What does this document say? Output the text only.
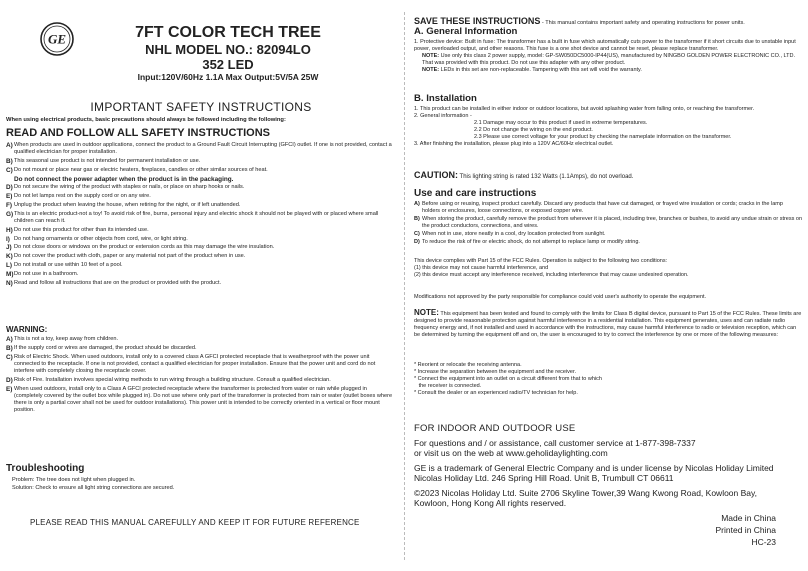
GE	7FT COLOR TECH TREE
NHL MODEL NO.: 82094LO
352 LED
Input:120V/60Hz 1.1A Max Output:5V/5A 25W
IMPORTANT SAFETY INSTRUCTIONS
When using electrical products, basic precautions should always be followed including the following:
READ AND FOLLOW ALL SAFETY INSTRUCTIONS
A) When products are used in outdoor applications, connect the product to a Ground Fault Circuit Interrupting (GFCI) outlet. If one is not provided, contact a qualified electrician for proper installation.
B) This seasonal use product is not intended for permanent installation or use.
C) Do not mount or place near gas or electric heaters, fireplaces, candles or other similar sources of heat.
Do not connect the power adapter when the product is in the packaging.
D) Do not secure the wiring of the product with staples or nails, or place on sharp hooks or nails.
E) Do not let lamps rest on the supply cord or on any wire.
F) Unplug the product when leaving the house, when retiring for the night, or if left unattended.
G) This is an electric product-not a toy! To avoid risk of fire, burns, personal injury and electric shock it should not be played with or placed where small children can reach it.
H) Do not use this product for other than its intended use.
I) Do not hang ornaments or other objects from cord, wire, or light string.
J) Do not close doors or windows on the product or extension cords as this may damage the wire insulation.
K) Do not cover the product with cloth, paper or any material not part of the product when in use.
L) Do not install or use within 10 feet of a pool.
M) Do not use in a bathroom.
N) Read and follow all instructions that are on the product or provided with the product.
WARNING:
A) This is not a toy, keep away from children.
B) If the supply cord or wires are damaged, the product should be discarded.
C) Risk of Electric Shock. When used outdoors, install only to a covered class A GFCI protected receptacle that is weatherproof with the power unit connected to the receptacle. If one is not provided, contact a qualified electrician for proper installation. Ensure that the power unit and cord do not interfere with completely closing the receptacle cover.
D) Risk of Fire. Installation involves special wiring methods to run wiring through a building structure. Consult a qualified electrician.
E) When used outdoors, install only to a Class A GFCI protected receptacle where the transformer is protected from water or rain while plugged in (completely covered by the outlet box while plugged in). Do not use where only part of the transformer is protected from rain or water (outlet boxes where there is only a partial cover shall not be used for outdoor installations). This power unit is intended to be correctly oriented in a vertical or floor mount position.
Troubleshooting
Problem: The tree does not light when plugged in.
Solution: Check to ensure all light string connections are secured.
PLEASE READ THIS MANUAL CAREFULLY AND KEEP IT FOR FUTURE REFERENCE
SAVE THESE INSTRUCTIONS - This manual contains important safety and operating instructions for power units.
A. General Information
1. Protective device: Built in fuse: The transformer has a built in fuse which automatically cuts power to the transformer if it short circuits due to unstable input power, overloaded output, and other reasons. This fuse is a one shot device and cannot be reset, please replace transformer.
NOTE: Use only this class 2 power supply, model: GP-SW050DC5000-IP44(US), manufactured by NINGBO GOLDEN POWER ELECTRONIC CO., LTD. That was provided with this product. Do not use this adapter with any other product.
NOTE: LEDs in this set are non-replaceable. Tampering with this set will void the warranty.
B. Installation
1. This product can be installed in either indoor or outdoor locations, but avoid splashing water from falling onto, or reaching the transformer.
2. General information -
2.1 Damage may occur to this product if used in extreme temperatures.
2.2 Do not change the wiring on the end product.
2.3 Please use correct voltage for your product by checking the nameplate information on the transformer.
3. After finishing the installation, please plug into a 120V AC/60Hz electrical outlet.
CAUTION: This lighting string is rated 132 Watts (1.1Amps), do not overload.
Use and care instructions
A) Before using or reusing, inspect product carefully. Discard any products that have cut damaged, or frayed wire insulation or cords; cracks in the lamp holders or enclosures, loose connections, or exposed copper wire.
B) When storing the product, carefully remove the product from wherever it is placed, including tree, branches or bushes, to avoid any undue strain or stress on the product conductors, connections, and wires.
C) When not in use, store neatly in a cool, dry location protected from sunlight.
D) To reduce the risk of fire or electric shock, do not attempt to replace lamp or modify string.
This device complies with Part 15 of the FCC Rules. Operation is subject to the following two conditions:
(1) this device may not cause harmful interference, and
(2) this device must accept any interference received, including interference that may cause undesired operation.
Modifications not approved by the party responsible for compliance could void user's authority to operate the equipment.
NOTE: This equipment has been tested and found to comply with the limits for Class B digital device, pursuant to Part 15 of the FCC Rules. These limits are designed to provide reasonable protection against harmful interference in a residential installation. This equipment generates, uses and can radiate radio frequency energy and, if not installed and used in accordance with the instructions, may cause harmful interference to radio or television reception, which can be determined by turning the equipment off and on, the user is encouraged to try to correct the interference by one or more of the following measures:
* Reorient or relocate the receiving antenna.
* Increase the separation between the equipment and the receiver.
* Connect the equipment into an outlet on a circuit different from that to which
the receiver is connected.
* Consult the dealer or an experienced radio/TV technician for help.
FOR INDOOR AND OUTDOOR USE
For questions and / or assistance, call customer service at 1-877-398-7337
or visit us on the web at www.geholidaylighting.com
GE is a trademark of General Electric Company and is under license by Nicolas Holiday Limited
Nicolas Holiday Ltd. 246 Spring Hill Road. Unit B, Trumbull CT 06611
©2023 Nicolas Holiday Ltd. Suite 2706 Skyline Tower,39 Wang Kwong Road, Kowloon Bay,
Kowloon, Hong Kong All rights reserved.
Made in China
Printed in China
HC-23
